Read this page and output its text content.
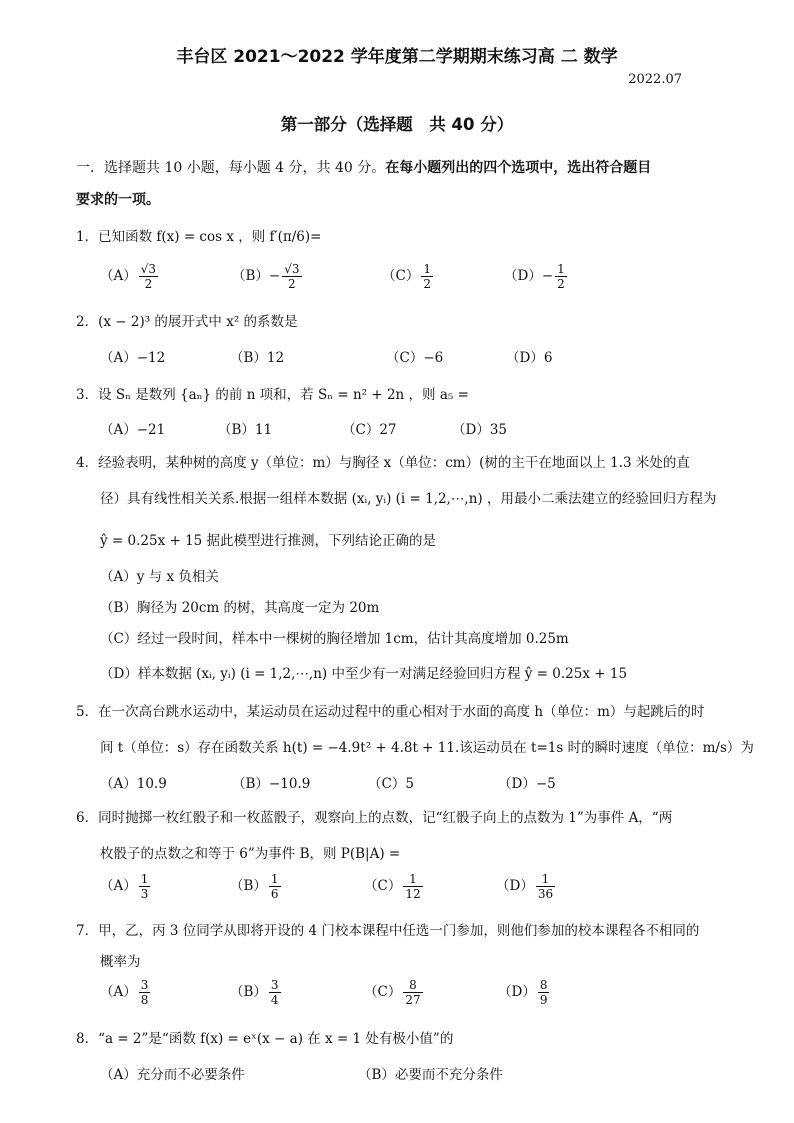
丰台区 2021～2022 学年度第二学期期末练习高 二 数学
2022.07
第一部分（选择题　共 40 分）
一．选择题共 10 小题，每小题 4 分，共 40 分。在每小题列出的四个选项中，选出符合题目
要求的一项。
1．已知函数 f(x) = cos x ，则 f′(π/6)=
$(A) \frac{√3}{2}$	$(B)- \frac{√3}{2}$	$(C) \frac{1}{2}$	$(D)- \frac{1}{2}$
2．(x − 2)³ 的展开式中 x² 的系数是
（A）−12	（B）12	（C）−6	（D）6
3．设 Sₙ 是数列 {aₙ} 的前 n 项和，若 Sₙ = n² + 2n ，则 a₅ =
（A）−21	（B）11	（C）27	（D）35
4．经验表明，某种树的高度 y（单位：m）与胸径 x（单位：cm）(树的主干在地面以上 1.3 米处的直
径）具有线性相关关系.根据一组样本数据 (xᵢ, yᵢ) (i = 1,2,⋯,n) ，用最小二乘法建立的经验回归方程为
ŷ = 0.25x + 15 据此模型进行推测，下列结论正确的是
（A）y 与 x 负相关
（B）胸径为 20cm 的树，其高度一定为 20m
（C）经过一段时间，样本中一棵树的胸径增加 1cm，估计其高度增加 0.25m
（D）样本数据 (xᵢ, yᵢ) (i = 1,2,⋯,n) 中至少有一对满足经验回归方程 ŷ = 0.25x + 15
5．在一次高台跳水运动中，某运动员在运动过程中的重心相对于水面的高度 h（单位：m）与起跳后的时
间 t（单位：s）存在函数关系 h(t) = −4.9t² + 4.8t + 11.该运动员在 t=1s 时的瞬时速度（单位：m/s）为
（A）10.9	（B）−10.9	（C）5	（D）−5
6．同时抛掷一枚红骰子和一枚蓝骰子，观察向上的点数，记“红骰子向上的点数为 1”为事件 A，“两
枚骰子的点数之和等于 6”为事件 B，则 P(B|A) =
$(A) \frac{1}{3}$	$(B) \frac{1}{6}$	$(C) \frac{1}{12}$	$(D) \frac{1}{36}$
7．甲，乙，丙 3 位同学从即将开设的 4 门校本课程中任选一门参加，则他们参加的校本课程各不相同的
概率为
$(A) \frac{3}{8}$	$(B) \frac{3}{4}$	$(C) \frac{8}{27}$	$(D) \frac{8}{9}$
8．“a = 2”是“函数 f(x) = eˣ(x − a) 在 x = 1 处有极小值”的
（A）充分而不必要条件	（B）必要而不充分条件
